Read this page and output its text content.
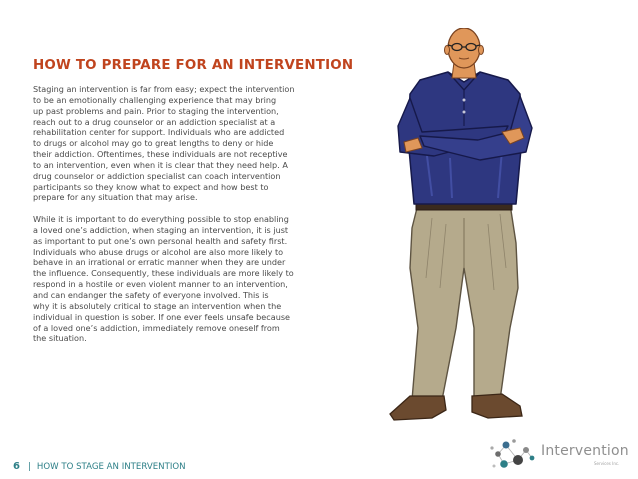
HOW TO PREPARE FOR AN INTERVENTION

Staging an intervention is far from easy; expect the intervention
to be an emotionally challenging experience that may bring
up past problems and pain. Prior to staging the intervention,
reach out to a drug counselor or an addiction specialist at a
rehabilitation center for support. Individuals who are addicted
to drugs or alcohol may go to great lengths to deny or hide
their addiction. Oftentimes, these individuals are not receptive
to an intervention, even when it is clear that they need help. A
drug counselor or addiction specialist can coach intervention
participants so they know what to expect and how best to
prepare for any situation that may arise.

While it is important to do everything possible to stop enabling
a loved one’s addiction, when staging an intervention, it is just
as important to put one’s own personal health and safety first.
Individuals who abuse drugs or alcohol are also more likely to
behave in an irrational or erratic manner when they are under
the influence. Consequently, these individuals are more likely to
respond in a hostile or even violent manner to an intervention,
and can endanger the safety of everyone involved. This is
why it is absolutely critical to stage an intervention when the
individual in question is sober. If one ever feels unsafe because
of a loved one’s addiction, immediately remove oneself from
the situation.

6 | HOW TO STAGE AN INTERVENTION
Intervention
Services Inc.
